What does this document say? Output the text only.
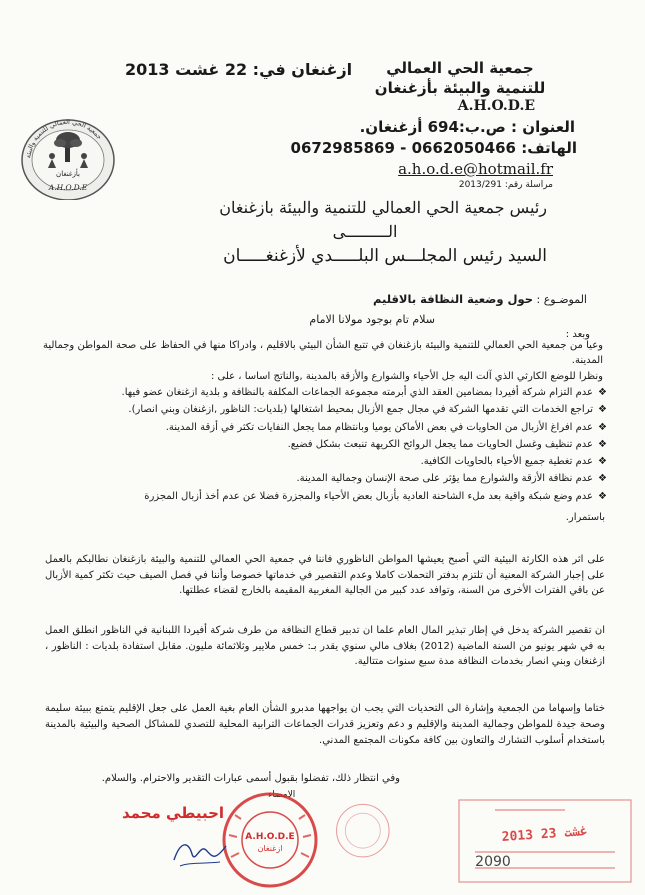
جمعية الحي العمالي
للتنمية والبيئة بأزغنغان
A.H.O.D.E
العنوان : ص.ب:694 أزغنغان.
الهاتف: 0662050466 - 0672985869
a.h.o.d.e@hotmail.fr
مراسلة رقم: 2013/291
ازغنغان في: 22 غشت 2013
جمعية الحي العمالي للتنمية والبيئة
بأزغنغان
A.H.O.D.E
رئيس جمعية الحي العمالي للتنمية والبيئة بازغنغان
الـــــــــى
السيد رئيس المجلـــس البلـــــدي لأزغنغـــــان
الموضـوع : حول وضعية النظافة بالاقليم
سلام تام بوجود مولانا الامام
وبعد :
وعيا من جمعية الحي العمالي للتنمية والبيئة بازغنغان في تتبع الشأن البيئي بالاقليم ، وادراكا منها في الحفاظ على صحة المواطن وجمالية المدينة.
ونظرا للوضع الكارثي الذي آلت اليه جل الأحياء والشوارع والأزقة بالمدينة ,والناتج اساسا ، على :
❖ عدم التزام شركة أفيردا بمضامين العقد الذي أبرمته مجموعة الجماعات المكلفة بالنظافة و بلدية ازغنغان عضو فيها.
❖ تراجع الخدمات التي تقدمها الشركة في مجال جمع الأزبال بمحيط اشتغالها (بلديات: الناظور ,ازغنغان وبني انصار).
❖ عدم افراغ الأزبال من الحاويات في بعض الأماكن يوميا وبانتظام مما يجعل النفايات تكثر في أزقة المدينة.
❖ عدم تنظيف وغسل الحاويات مما يجعل الروائح الكريهة تنبعث بشكل فضيع.
❖ عدم تغطية جميع الأحياء بالحاويات الكافية.
❖ عدم نظافة الأزقة والشوارع مما يؤثر على صحة الإنسان وجمالية المدينة.
❖ عدم وضع شبكة واقية بعد ملء الشاحنة العادية بأزبال بعض الأحياء والمجزرة فضلا عن عدم أخذ أزبال المجزرة
باستمرار.
على اثر هذه الكارثة البيئية التي أصبح يعيشها المواطن الناظوري فاننا في جمعية الحي العمالي للتنمية والبيئة بازغنغان نطالبكم بالعمل على إجبار الشركة المعنية أن تلتزم بدفتر التحملات كاملا وعدم التقصير في خدماتها خصوصا وأننا في فصل الصيف حيث تكثر كمية الأزبال عن باقي الفترات الأخرى من السنة، وتوافد عدد كبير من الجالية المغربية المقيمة بالخارج لقضاء عطلتها.
ان تقصير الشركة يدخل في إطار تبذير المال العام علما ان تدبير قطاع النظافة من طرف شركة أفيردا اللبنانية في الناظور انطلق العمل به في شهر يونيو من السنة الماضية (2012) بغلاف مالي سنوي يقدر بـ: خمس ملايير وثلاثمائة مليون. مقابل استفادة بلديات : الناظور ، ازغنغان وبني انصار بخدمات النظافة مدة سبع سنوات متتالية.
ختاما وإسهاما من الجمعية وإشارة الى التحديات التي يجب ان يواجهها مدبرو الشأن العام بغية العمل على جعل الإقليم يتمتع ببيئة سليمة وصحة جيدة للمواطن وجمالية المدينة والإقليم و دعم وتعزيز قدرات الجماعات الترابية المحلية للتصدي للمشاكل الصحية والبيئية بالمدينة باستخدام أسلوب التشارك والتعاون بين كافة مكونات المجتمع المدني.
وفي انتظار ذلك، تفضلوا بقبول أسمى عبارات التقدير والاحترام. والسلام.
احبيطي محمد
الامضاء
A.H.O.D.E
ازغنغان
2013 غشت 23
2090
